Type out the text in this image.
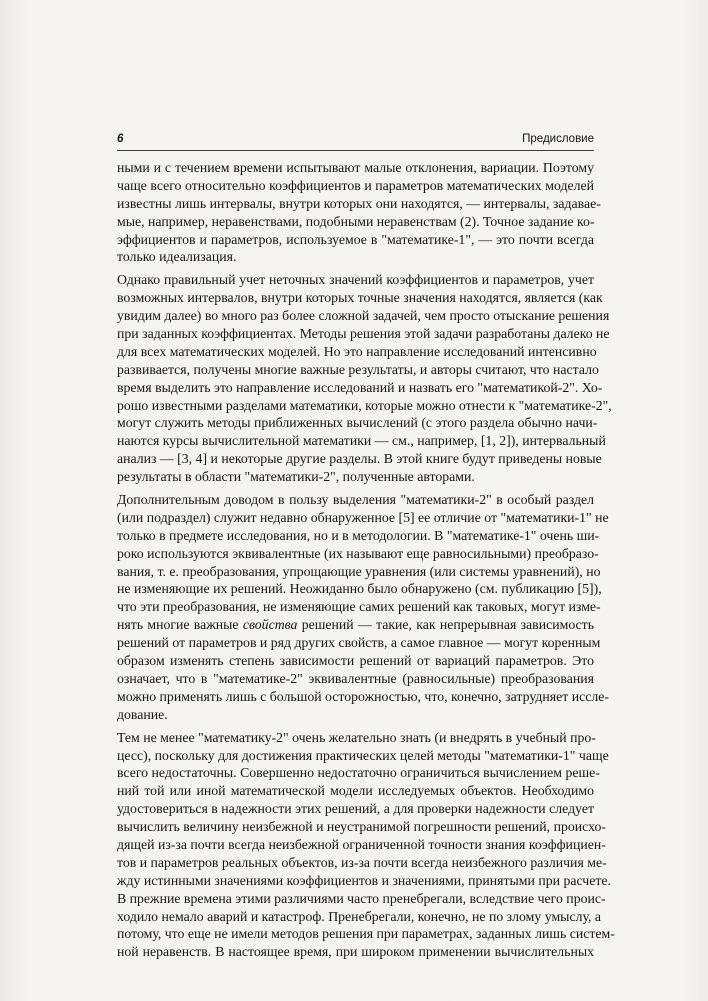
6	Предисловие
ными и с течением времени испытывают малые отклонения, вариации. Поэтому
чаще всего относительно коэффициентов и параметров математических моделей
известны лишь интервалы, внутри которых они находятся, — интервалы, задавае-
мые, например, неравенствами, подобными неравенствам (2). Точное задание ко-
эффициентов и параметров, используемое в "математике-1", — это почти всегда
только идеализация.
Однако правильный учет неточных значений коэффициентов и параметров, учет
возможных интервалов, внутри которых точные значения находятся, является (как
увидим далее) во много раз более сложной задачей, чем просто отыскание решения
при заданных коэффициентах. Методы решения этой задачи разработаны далеко не
для всех математических моделей. Но это направление исследований интенсивно
развивается, получены многие важные результаты, и авторы считают, что настало
время выделить это направление исследований и назвать его "математикой-2". Хо-
рошо известными разделами математики, которые можно отнести к "математике-2",
могут служить методы приближенных вычислений (с этого раздела обычно начи-
наются курсы вычислительной математики — см., например, [1, 2]), интервальный
анализ — [3, 4] и некоторые другие разделы. В этой книге будут приведены новые
результаты в области "математики-2", полученные авторами.
Дополнительным доводом в пользу выделения "математики-2" в особый раздел
(или подраздел) служит недавно обнаруженное [5] ее отличие от "математики-1" не
только в предмете исследования, но и в методологии. В "математике-1" очень ши-
роко используются эквивалентные (их называют еще равносильными) преобразо-
вания, т. е. преобразования, упрощающие уравнения (или системы уравнений), но
не изменяющие их решений. Неожиданно было обнаружено (см. публикацию [5]),
что эти преобразования, не изменяющие самих решений как таковых, могут изме-
нять многие важные свойства решений — такие, как непрерывная зависимость
решений от параметров и ряд других свойств, а самое главное — могут коренным
образом изменять степень зависимости решений от вариаций параметров. Это
означает, что в "математике-2" эквивалентные (равносильные) преобразования
можно применять лишь с большой осторожностью, что, конечно, затрудняет иссле-
дование.
Тем не менее "математику-2" очень желательно знать (и внедрять в учебный про-
цесс), поскольку для достижения практических целей методы "математики-1" чаще
всего недостаточны. Совершенно недостаточно ограничиться вычислением реше-
ний той или иной математической модели исследуемых объектов. Необходимо
удостовериться в надежности этих решений, а для проверки надежности следует
вычислить величину неизбежной и неустранимой погрешности решений, происхо-
дящей из-за почти всегда неизбежной ограниченной точности знания коэффициен-
тов и параметров реальных объектов, из-за почти всегда неизбежного различия ме-
жду истинными значениями коэффициентов и значениями, принятыми при расчете.
В прежние времена этими различиями часто пренебрегали, вследствие чего проис-
ходило немало аварий и катастроф. Пренебрегали, конечно, не по злому умыслу, а
потому, что еще не имели методов решения при параметрах, заданных лишь систем-
ной неравенств. В настоящее время, при широком применении вычислительных
